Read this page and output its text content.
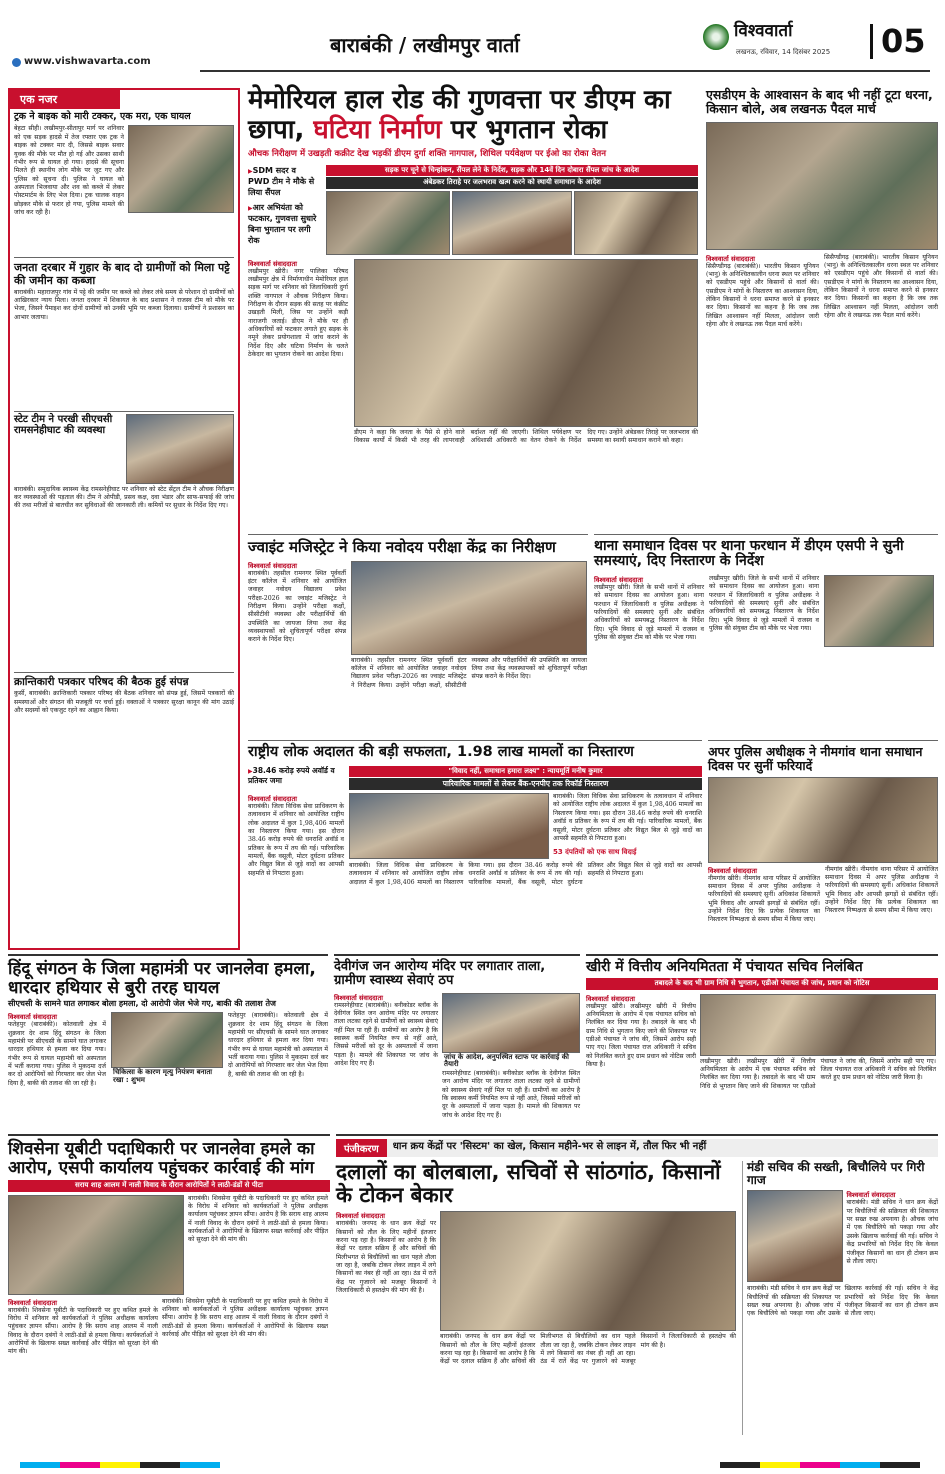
बाराबंकी / लखीमपुर वार्ता
विश्ववार्ता
लखनऊ, रविवार, 14 दिसंबर 2025	05
www.vishwavarta.com
एक नजर
ट्रक ने बाइक को मारी टक्कर, एक मरा, एक घायल
बेहटा सीही। लखीमपुर-सीतापुर मार्ग पर शनिवार को एक सड़क हादसे में तेज रफ्तार एक ट्रक ने बाइक को टक्कर मार दी, जिससे बाइक सवार युवक की मौके पर मौत हो गई और उसका साथी गंभीर रूप से घायल हो गया। हादसे की सूचना मिलते ही स्थानीय लोग मौके पर जुट गए और पुलिस को सूचना दी। पुलिस ने घायल को अस्पताल भिजवाया और शव को कब्जे में लेकर पोस्टमार्टम के लिए भेज दिया। ट्रक चालक वाहन छोड़कर मौके से फरार हो गया, पुलिस मामले की जांच कर रही है।
जनता दरबार में गुहार के बाद दो ग्रामीणों को मिला पट्टे की जमीन का कब्जा
बाराबंकी। महाराजपुर गांव में पट्टे की जमीन पर कब्जे को लेकर लंबे समय से परेशान दो ग्रामीणों को आखिरकार न्याय मिला। जनता दरबार में शिकायत के बाद प्रशासन ने राजस्व टीम को मौके पर भेजा, जिसने पैमाइश कर दोनों ग्रामीणों को उनकी भूमि पर कब्जा दिलाया। ग्रामीणों ने प्रशासन का आभार जताया।
स्टेट टीम ने परखी सीएचसी रामसनेहीघाट की व्यवस्था
बाराबंकी। समुदायिक स्वास्थ्य केंद्र रामसनेहीघाट पर शनिवार को स्टेट सेंट्रल टीम ने औचक निरीक्षण कर व्यवस्थाओं की पड़ताल की। टीम ने ओपीडी, प्रसव कक्ष, दवा भंडार और साफ-सफाई की जांच की तथा मरीजों से बातचीत कर सुविधाओं की जानकारी ली। कमियों पर सुधार के निर्देश दिए गए।
क्रान्तिकारी पत्रकार परिषद की बैठक हुई संपन्न
कुर्सी, बाराबंकी। क्रान्तिकारी पत्रकार परिषद की बैठक शनिवार को संपन्न हुई, जिसमें पत्रकारों की समस्याओं और संगठन की मजबूती पर चर्चा हुई। वक्ताओं ने पत्रकार सुरक्षा कानून की मांग उठाई और सदस्यों को एकजुट रहने का आह्वान किया।
मेमोरियल हाल रोड की गुणवत्ता पर डीएम का छापा, घटिया निर्माण पर भुगतान रोका
औचक निरीक्षण में उखड़ती कक्रीट देख भड़कीं डीएम दुर्गा शक्ति नागपाल, शिथिल पर्यवेक्षण पर ईओ का रोका वेतन
▶ SDM सदर व PWD टीम ने मौके से लिया सैंपल
▶ आर अभियंता को फटकार, गुणवत्ता सुधारे बिना भुगतान पर लगी रोक
सड़क पर चूने से चिन्हांकन, सैंपल लेने के निर्देश, सड़क और 14वें दिन दोबारा सैंपल जांच के आदेश
अंबेडकर तिराहे पर जलभराव खत्म करने को स्थायी समाधान के आदेश
विश्ववार्ता संवाददाता
लखीमपुर खीरी। नगर पालिका परिषद लखीमपुर क्षेत्र में निर्माणाधीन मेमोरियल हाल सड़क मार्ग पर शनिवार को जिलाधिकारी दुर्गा शक्ति नागपाल ने औचक निरीक्षण किया। निरीक्षण के दौरान सड़क की सतह पर कंक्रीट उखड़ती मिली, जिस पर उन्होंने कड़ी नाराजगी जताई। डीएम ने मौके पर ही अधिकारियों को फटकार लगाते हुए सड़क के नमूने लेकर प्रयोगशाला में जांच कराने के निर्देश दिए और घटिया निर्माण के चलते ठेकेदार का भुगतान रोकने का आदेश दिया।
डीएम ने कहा कि जनता के पैसे से होने वाले विकास कार्यों में किसी भी तरह की लापरवाही बर्दाश्त नहीं की जाएगी। शिथिल पर्यवेक्षण पर अधिशासी अधिकारी का वेतन रोकने के निर्देश दिए गए। उन्होंने अंबेडकर तिराहे पर जलभराव की समस्या का स्थायी समाधान कराने को कहा।
एसडीएम के आश्वासन के बाद भी नहीं टूटा धरना, किसान बोले, अब लखनऊ पैदल मार्च
विश्ववार्ता संवाददाता
सिसैण्डीगढ़ (बाराबंकी)। भारतीय किसान यूनियन (भानु) के अनिश्चितकालीन धरना स्थल पर शनिवार को एसडीएम पहुंचे और किसानों से वार्ता की। एसडीएम ने मांगों के निस्तारण का आश्वासन दिया, लेकिन किसानों ने धरना समाप्त करने से इनकार कर दिया। किसानों का कहना है कि जब तक लिखित आश्वासन नहीं मिलता, आंदोलन जारी रहेगा और वे लखनऊ तक पैदल मार्च करेंगे।
सिसैण्डीगढ़ (बाराबंकी)। भारतीय किसान यूनियन (भानु) के अनिश्चितकालीन धरना स्थल पर शनिवार को एसडीएम पहुंचे और किसानों से वार्ता की। एसडीएम ने मांगों के निस्तारण का आश्वासन दिया, लेकिन किसानों ने धरना समाप्त करने से इनकार कर दिया। किसानों का कहना है कि जब तक लिखित आश्वासन नहीं मिलता, आंदोलन जारी रहेगा और वे लखनऊ तक पैदल मार्च करेंगे।
ज्वाइंट मजिस्ट्रेट ने किया नवोदय परीक्षा केंद्र का निरीक्षण
विश्ववार्ता संवाददाता
बाराबंकी। तहसील रामनगर स्थित पूर्ववर्ती इंटर कॉलेज में शनिवार को आयोजित जवाहर नवोदय विद्यालय प्रवेश परीक्षा-2026 का ज्वाइंट मजिस्ट्रेट ने निरीक्षण किया। उन्होंने परीक्षा कक्षों, सीसीटीवी व्यवस्था और परीक्षार्थियों की उपस्थिति का जायजा लिया तथा केंद्र व्यवस्थापकों को शुचितापूर्ण परीक्षा संपन्न कराने के निर्देश दिए।
बाराबंकी। तहसील रामनगर स्थित पूर्ववर्ती इंटर कॉलेज में शनिवार को आयोजित जवाहर नवोदय विद्यालय प्रवेश परीक्षा-2026 का ज्वाइंट मजिस्ट्रेट ने निरीक्षण किया। उन्होंने परीक्षा कक्षों, सीसीटीवी व्यवस्था और परीक्षार्थियों की उपस्थिति का जायजा लिया तथा केंद्र व्यवस्थापकों को शुचितापूर्ण परीक्षा संपन्न कराने के निर्देश दिए।
थाना समाधान दिवस पर थाना फरधान में डीएम एसपी ने सुनी समस्याएं, दिए निस्तारण के निर्देश
विश्ववार्ता संवाददाता
लखीमपुर खीरी। जिले के सभी थानों में शनिवार को समाधान दिवस का आयोजन हुआ। थाना फरधान में जिलाधिकारी व पुलिस अधीक्षक ने फरियादियों की समस्याएं सुनीं और संबंधित अधिकारियों को समयबद्ध निस्तारण के निर्देश दिए। भूमि विवाद से जुड़े मामलों में राजस्व व पुलिस की संयुक्त टीम को मौके पर भेजा गया।
लखीमपुर खीरी। जिले के सभी थानों में शनिवार को समाधान दिवस का आयोजन हुआ। थाना फरधान में जिलाधिकारी व पुलिस अधीक्षक ने फरियादियों की समस्याएं सुनीं और संबंधित अधिकारियों को समयबद्ध निस्तारण के निर्देश दिए। भूमि विवाद से जुड़े मामलों में राजस्व व पुलिस की संयुक्त टीम को मौके पर भेजा गया।
राष्ट्रीय लोक अदालत की बड़ी सफलता, 1.98 लाख मामलों का निस्तारण
▶ 38.46 करोड़ रुपये अवॉर्ड व प्रतिकर जमा
विश्ववार्ता संवाददाता
बाराबंकी। जिला विधिक सेवा प्राधिकरण के तत्वावधान में शनिवार को आयोजित राष्ट्रीय लोक अदालत में कुल 1,98,406 मामलों का निस्तारण किया गया। इस दौरान 38.46 करोड़ रुपये की धनराशि अवॉर्ड व प्रतिकर के रूप में तय की गई। पारिवारिक मामलों, बैंक वसूली, मोटर दुर्घटना प्रतिकर और विद्युत बिल से जुड़े वादों का आपसी सहमति से निपटारा हुआ।
"विवाद नहीं, समाधान हमारा लक्ष्य" : न्यायमूर्ति मनीष कुमार
पारिवारिक मामलों से लेकर बैंक-एनपीए तक रिकॉर्ड निस्तारण
बाराबंकी। जिला विधिक सेवा प्राधिकरण के तत्वावधान में शनिवार को आयोजित राष्ट्रीय लोक अदालत में कुल 1,98,406 मामलों का निस्तारण किया गया। इस दौरान 38.46 करोड़ रुपये की धनराशि अवॉर्ड व प्रतिकर के रूप में तय की गई। पारिवारिक मामलों, बैंक वसूली, मोटर दुर्घटना प्रतिकर और विद्युत बिल से जुड़े वादों का आपसी सहमति से निपटारा हुआ।
53 दंपतियों को एक साथ विदाई
बाराबंकी। जिला विधिक सेवा प्राधिकरण के तत्वावधान में शनिवार को आयोजित राष्ट्रीय लोक अदालत में कुल 1,98,406 मामलों का निस्तारण किया गया। इस दौरान 38.46 करोड़ रुपये की धनराशि अवॉर्ड व प्रतिकर के रूप में तय की गई। पारिवारिक मामलों, बैंक वसूली, मोटर दुर्घटना प्रतिकर और विद्युत बिल से जुड़े वादों का आपसी सहमति से निपटारा हुआ।
अपर पुलिस अधीक्षक ने नीमगांव थाना समाधान दिवस पर सुनीं फरियादें
विश्ववार्ता संवाददाता
नीमगांव खीरी। नीमगांव थाना परिसर में आयोजित समाधान दिवस में अपर पुलिस अधीक्षक ने फरियादियों की समस्याएं सुनीं। अधिकांश शिकायतें भूमि विवाद और आपसी झगड़ों से संबंधित रहीं। उन्होंने निर्देश दिए कि प्रत्येक शिकायत का निस्तारण निष्पक्षता से समय सीमा में किया जाए।
नीमगांव खीरी। नीमगांव थाना परिसर में आयोजित समाधान दिवस में अपर पुलिस अधीक्षक ने फरियादियों की समस्याएं सुनीं। अधिकांश शिकायतें भूमि विवाद और आपसी झगड़ों से संबंधित रहीं। उन्होंने निर्देश दिए कि प्रत्येक शिकायत का निस्तारण निष्पक्षता से समय सीमा में किया जाए।
हिंदू संगठन के जिला महामंत्री पर जानलेवा हमला, धारदार हथियार से बुरी तरह घायल
सीएचसी के सामने घात लगाकर बोला हमला, दो आरोपी जेल भेजे गए, बाकी की तलाश तेज
विश्ववार्ता संवाददाता
फतेहपुर (बाराबंकी)। कोतवाली क्षेत्र में शुक्रवार देर शाम हिंदू संगठन के जिला महामंत्री पर सीएचसी के सामने घात लगाकर धारदार हथियार से हमला कर दिया गया। गंभीर रूप से घायल महामंत्री को अस्पताल में भर्ती कराया गया। पुलिस ने मुकदमा दर्ज कर दो आरोपियों को गिरफ्तार कर जेल भेज दिया है, बाकी की तलाश की जा रही है।
चिकित्सा के कारण मृत्यु नियंत्रण बनाता रखा : शुभम
फतेहपुर (बाराबंकी)। कोतवाली क्षेत्र में शुक्रवार देर शाम हिंदू संगठन के जिला महामंत्री पर सीएचसी के सामने घात लगाकर धारदार हथियार से हमला कर दिया गया। गंभीर रूप से घायल महामंत्री को अस्पताल में भर्ती कराया गया। पुलिस ने मुकदमा दर्ज कर दो आरोपियों को गिरफ्तार कर जेल भेज दिया है, बाकी की तलाश की जा रही है।
देवीगंज जन आरोग्य मंदिर पर लगातार ताला, ग्रामीण स्वास्थ्य सेवाएं ठप
विश्ववार्ता संवाददाता
रामसनेहीघाट (बाराबंकी)। बनीकोडर ब्लॉक के देवीगंज स्थित जन आरोग्य मंदिर पर लगातार ताला लटका रहने से ग्रामीणों को स्वास्थ्य सेवाएं नहीं मिल पा रही हैं। ग्रामीणों का आरोप है कि स्वास्थ्य कर्मी नियमित रूप से नहीं आते, जिससे मरीजों को दूर के अस्पतालों में जाना पड़ता है। मामले की शिकायत पर जांच के आदेश दिए गए हैं।
जांच के आदेश, अनुपस्थित स्टाफ पर कार्रवाई की तैयारी
रामसनेहीघाट (बाराबंकी)। बनीकोडर ब्लॉक के देवीगंज स्थित जन आरोग्य मंदिर पर लगातार ताला लटका रहने से ग्रामीणों को स्वास्थ्य सेवाएं नहीं मिल पा रही हैं। ग्रामीणों का आरोप है कि स्वास्थ्य कर्मी नियमित रूप से नहीं आते, जिससे मरीजों को दूर के अस्पतालों में जाना पड़ता है। मामले की शिकायत पर जांच के आदेश दिए गए हैं।
खीरी में वित्तीय अनियमितता में पंचायत सचिव निलंबित
तबादले के बाद भी ग्राम निधि से भुगतान, एडीओ पंचायत की जांच, प्रधान को नोटिस
विश्ववार्ता संवाददाता
लखीमपुर खीरी। लखीमपुर खीरी में वित्तीय अनियमितता के आरोप में एक पंचायत सचिव को निलंबित कर दिया गया है। तबादले के बाद भी ग्राम निधि से भुगतान किए जाने की शिकायत पर एडीओ पंचायत ने जांच की, जिसमें आरोप सही पाए गए। जिला पंचायत राज अधिकारी ने सचिव को निलंबित करते हुए ग्राम प्रधान को नोटिस जारी किया है।
लखीमपुर खीरी। लखीमपुर खीरी में वित्तीय अनियमितता के आरोप में एक पंचायत सचिव को निलंबित कर दिया गया है। तबादले के बाद भी ग्राम निधि से भुगतान किए जाने की शिकायत पर एडीओ पंचायत ने जांच की, जिसमें आरोप सही पाए गए। जिला पंचायत राज अधिकारी ने सचिव को निलंबित करते हुए ग्राम प्रधान को नोटिस जारी किया है।
शिवसेना यूबीटी पदाधिकारी पर जानलेवा हमले का आरोप, एसपी कार्यालय पहुंचकर कार्रवाई की मांग
सराय शाह आलम में नाली विवाद के दौरान आरोपितों ने लाठी-डंडों से पीटा
बाराबंकी। शिवसेना यूबीटी के पदाधिकारी पर हुए कथित हमले के विरोध में शनिवार को कार्यकर्ताओं ने पुलिस अधीक्षक कार्यालय पहुंचकर ज्ञापन सौंपा। आरोप है कि सराय शाह आलम में नाली विवाद के दौरान दबंगों ने लाठी-डंडों से हमला किया। कार्यकर्ताओं ने आरोपियों के खिलाफ सख्त कार्रवाई और पीड़ित को सुरक्षा देने की मांग की।
विश्ववार्ता संवाददाता
बाराबंकी। शिवसेना यूबीटी के पदाधिकारी पर हुए कथित हमले के विरोध में शनिवार को कार्यकर्ताओं ने पुलिस अधीक्षक कार्यालय पहुंचकर ज्ञापन सौंपा। आरोप है कि सराय शाह आलम में नाली विवाद के दौरान दबंगों ने लाठी-डंडों से हमला किया। कार्यकर्ताओं ने आरोपियों के खिलाफ सख्त कार्रवाई और पीड़ित को सुरक्षा देने की मांग की।
बाराबंकी। शिवसेना यूबीटी के पदाधिकारी पर हुए कथित हमले के विरोध में शनिवार को कार्यकर्ताओं ने पुलिस अधीक्षक कार्यालय पहुंचकर ज्ञापन सौंपा। आरोप है कि सराय शाह आलम में नाली विवाद के दौरान दबंगों ने लाठी-डंडों से हमला किया। कार्यकर्ताओं ने आरोपियों के खिलाफ सख्त कार्रवाई और पीड़ित को सुरक्षा देने की मांग की।
पंजीकरण	धान क्रय केंद्रों पर 'सिस्टम' का खेल, किसान महीने-भर से लाइन में, तौल फिर भी नहीं
दलालों का बोलबाला, सचिवों से सांठगांठ, किसानों के टोकन बेकार
विश्ववार्ता संवाददाता
बाराबंकी। जनपद के धान क्रय केंद्रों पर किसानों को तौल के लिए महीनों इंतजार करना पड़ रहा है। किसानों का आरोप है कि केंद्रों पर दलाल सक्रिय हैं और सचिवों की मिलीभगत से बिचौलियों का धान पहले तौला जा रहा है, जबकि टोकन लेकर लाइन में लगे किसानों का नंबर ही नहीं आ रहा। ठंड में रातें केंद्र पर गुजारने को मजबूर किसानों ने जिलाधिकारी से हस्तक्षेप की मांग की है।
बाराबंकी। जनपद के धान क्रय केंद्रों पर किसानों को तौल के लिए महीनों इंतजार करना पड़ रहा है। किसानों का आरोप है कि केंद्रों पर दलाल सक्रिय हैं और सचिवों की मिलीभगत से बिचौलियों का धान पहले तौला जा रहा है, जबकि टोकन लेकर लाइन में लगे किसानों का नंबर ही नहीं आ रहा। ठंड में रातें केंद्र पर गुजारने को मजबूर किसानों ने जिलाधिकारी से हस्तक्षेप की मांग की है।
मंडी सचिव की सख्ती, बिचौलिये पर गिरी गाज
विश्ववार्ता संवाददाता
बाराबंकी। मंडी सचिव ने धान क्रय केंद्रों पर बिचौलियों की सक्रियता की शिकायत पर सख्त रुख अपनाया है। औचक जांच में एक बिचौलिये को पकड़ा गया और उसके खिलाफ कार्रवाई की गई। सचिव ने केंद्र प्रभारियों को निर्देश दिए कि केवल पंजीकृत किसानों का धान ही टोकन क्रम से तौला जाए।
बाराबंकी। मंडी सचिव ने धान क्रय केंद्रों पर बिचौलियों की सक्रियता की शिकायत पर सख्त रुख अपनाया है। औचक जांच में एक बिचौलिये को पकड़ा गया और उसके खिलाफ कार्रवाई की गई। सचिव ने केंद्र प्रभारियों को निर्देश दिए कि केवल पंजीकृत किसानों का धान ही टोकन क्रम से तौला जाए।
